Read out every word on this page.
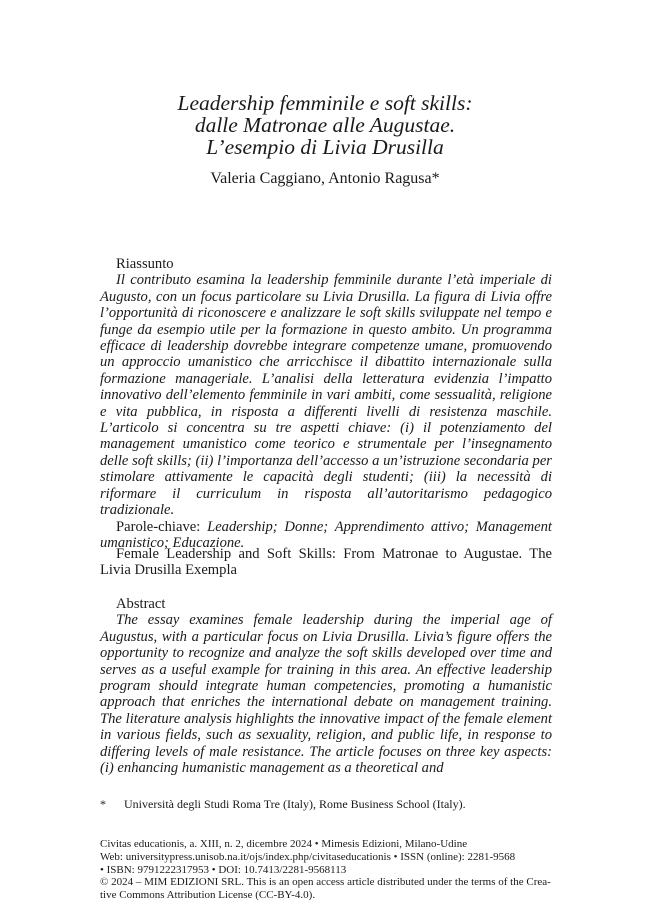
Leadership femminile e soft skills:
dalle Matronae alle Augustae.
L’esempio di Livia Drusilla
Valeria Caggiano, Antonio Ragusa*

Riassunto

Il contributo esamina la leadership femminile durante l’età imperiale di Augusto, con un focus particolare su Livia Drusilla. La figura di Livia offre l’opportunità di riconoscere e analizzare le soft skills sviluppate nel tempo e funge da esempio utile per la formazione in questo ambito. Un programma efficace di leadership dovrebbe integrare competenze umane, promuovendo un approccio umanistico che arricchisce il dibattito internazionale sulla formazione manageriale. L’analisi della letteratura evidenzia l’impatto innovativo dell’elemento femminile in vari ambiti, come sessualità, religione e vita pubblica, in risposta a differenti livelli di resistenza maschile. L’articolo si concentra su tre aspetti chiave: (i) il potenziamento del management umanistico come teorico e strumentale per l’insegnamento delle soft skills; (ii) l’importanza dell’accesso a un’istruzione secondaria per stimolare attivamente le capacità degli studenti; (iii) la necessità di riformare il curriculum in risposta all’autoritarismo pedagogico tradizionale.

Parole-chiave: Leadership; Donne; Apprendimento attivo; Management umanistico; Educazione.

Female Leadership and Soft Skills: From Matronae to Augustae. The Livia Drusilla Exempla

Abstract

The essay examines female leadership during the imperial age of Augustus, with a particular focus on Livia Drusilla. Livia’s figure offers the opportunity to recognize and analyze the soft skills developed over time and serves as a useful example for training in this area. An effective leadership program should integrate human competencies, promoting a humanistic approach that enriches the international debate on management training. The literature analysis highlights the innovative impact of the female element in various fields, such as sexuality, religion, and public life, in response to differing levels of male resistance. The article focuses on three key aspects: (i) enhancing humanistic management as a theoretical and

* Università degli Studi Roma Tre (Italy), Rome Business School (Italy).
Civitas educationis, a. XIII, n. 2, dicembre 2024 • Mimesis Edizioni, Milano-Udine
Web: universitypress.unisob.na.it/ojs/index.php/civitaseducationis • ISSN (online): 2281-9568
• ISBN: 9791222317953 • DOI: 10.7413/2281-9568113
© 2024 – MIM EDIZIONI SRL. This is an open access article distributed under the terms of the Crea-
tive Commons Attribution License (CC-BY-4.0).
